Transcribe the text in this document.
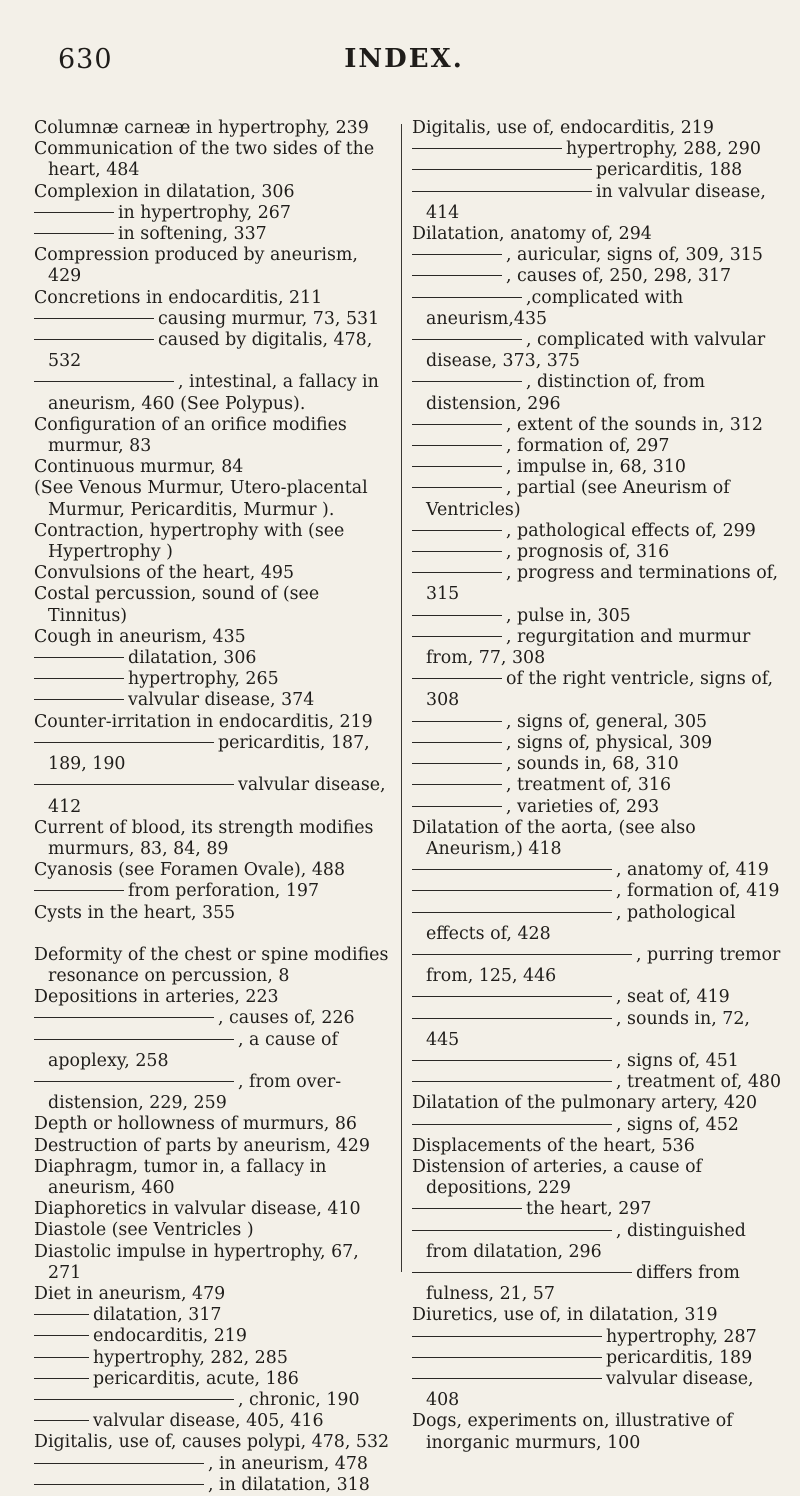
630	INDEX.
Columnæ carneæ in hypertrophy, 239
Communication of the two sides of the heart, 484
Complexion in dilatation, 306
in hypertrophy, 267
in softening, 337
Compression produced by aneurism, 429
Concretions in endocarditis, 211
causing murmur, 73, 531
caused by digitalis, 478, 532
, intestinal, a fallacy in aneurism, 460 (See Polypus).
Configuration of an orifice modifies murmur, 83
Continuous murmur, 84
(See Venous Murmur, Utero-placental Murmur, Pericarditis, Murmur ).
Contraction, hypertrophy with (see Hypertrophy )
Convulsions of the heart, 495
Costal percussion, sound of (see Tinnitus)
Cough in aneurism, 435
dilatation, 306
hypertrophy, 265
valvular disease, 374
Counter-irritation in endocarditis, 219
pericarditis, 187, 189, 190
valvular disease, 412
Current of blood, its strength modifies murmurs, 83, 84, 89
Cyanosis (see Foramen Ovale), 488
from perforation, 197
Cysts in the heart, 355
Deformity of the chest or spine modifies resonance on percussion, 8
Depositions in arteries, 223
, causes of, 226
, a cause of apoplexy, 258
, from over-distension, 229, 259
Depth or hollowness of murmurs, 86
Destruction of parts by aneurism, 429
Diaphragm, tumor in, a fallacy in aneurism, 460
Diaphoretics in valvular disease, 410
Diastole (see Ventricles )
Diastolic impulse in hypertrophy, 67, 271
Diet in aneurism, 479
dilatation, 317
endocarditis, 219
hypertrophy, 282, 285
pericarditis, acute, 186
, chronic, 190
valvular disease, 405, 416
Digitalis, use of, causes polypi, 478, 532
, in aneurism, 478
, in dilatation, 318
Digitalis, use of, endocarditis, 219
hypertrophy, 288, 290
pericarditis, 188
in valvular disease, 414
Dilatation, anatomy of, 294
, auricular, signs of, 309, 315
, causes of, 250, 298, 317
,complicated with aneurism,435
, complicated with valvular disease, 373, 375
, distinction of, from distension, 296
, extent of the sounds in, 312
, formation of, 297
, impulse in, 68, 310
, partial (see Aneurism of Ventricles)
, pathological effects of, 299
, prognosis of, 316
, progress and terminations of, 315
, pulse in, 305
, regurgitation and murmur from, 77, 308
of the right ventricle, signs of, 308
, signs of, general, 305
, signs of, physical, 309
, sounds in, 68, 310
, treatment of, 316
, varieties of, 293
Dilatation of the aorta, (see also Aneurism,) 418
, anatomy of, 419
, formation of, 419
, pathological effects of, 428
, purring tremor from, 125, 446
, seat of, 419
, sounds in, 72, 445
, signs of, 451
, treatment of, 480
Dilatation of the pulmonary artery, 420
, signs of, 452
Displacements of the heart, 536
Distension of arteries, a cause of depositions, 229
the heart, 297
, distinguished from dilatation, 296
differs from fulness, 21, 57
Diuretics, use of, in dilatation, 319
hypertrophy, 287
pericarditis, 189
valvular disease, 408
Dogs, experiments on, illustrative of inorganic murmurs, 100
